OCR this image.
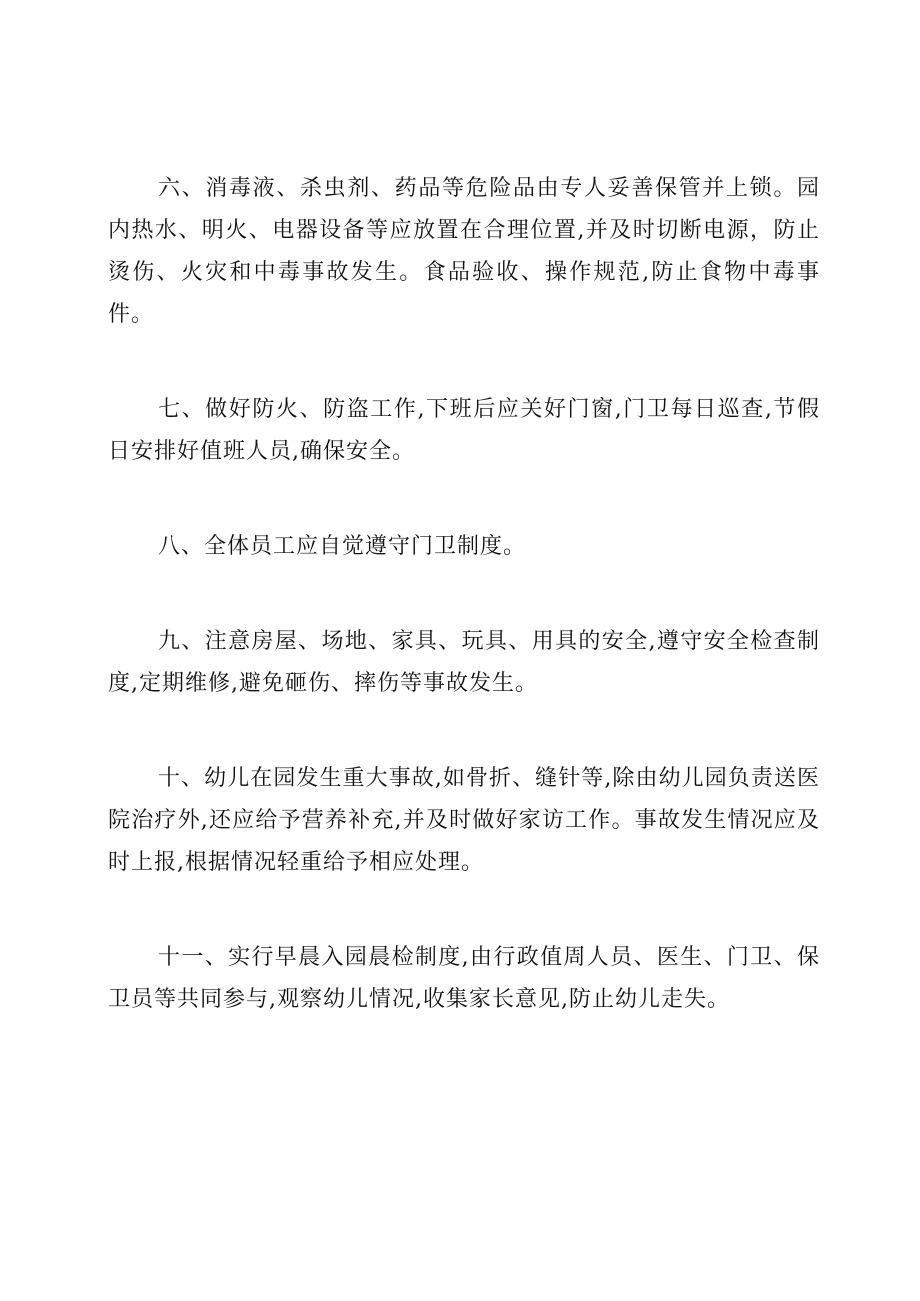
六、消毒液、杀虫剂、药品等危险品由专人妥善保管并上锁。园内热水、明火、电器设备等应放置在合理位置,并及时切断电源，防止烫伤、火灾和中毒事故发生。食品验收、操作规范,防止食物中毒事件。

七、做好防火、防盗工作,下班后应关好门窗,门卫每日巡查,节假日安排好值班人员,确保安全。

八、全体员工应自觉遵守门卫制度。

九、注意房屋、场地、家具、玩具、用具的安全,遵守安全检查制度,定期维修,避免砸伤、摔伤等事故发生。

十、幼儿在园发生重大事故,如骨折、缝针等,除由幼儿园负责送医院治疗外,还应给予营养补充,并及时做好家访工作。事故发生情况应及时上报,根据情况轻重给予相应处理。

十一、实行早晨入园晨检制度,由行政值周人员、医生、门卫、保卫员等共同参与,观察幼儿情况,收集家长意见,防止幼儿走失。
